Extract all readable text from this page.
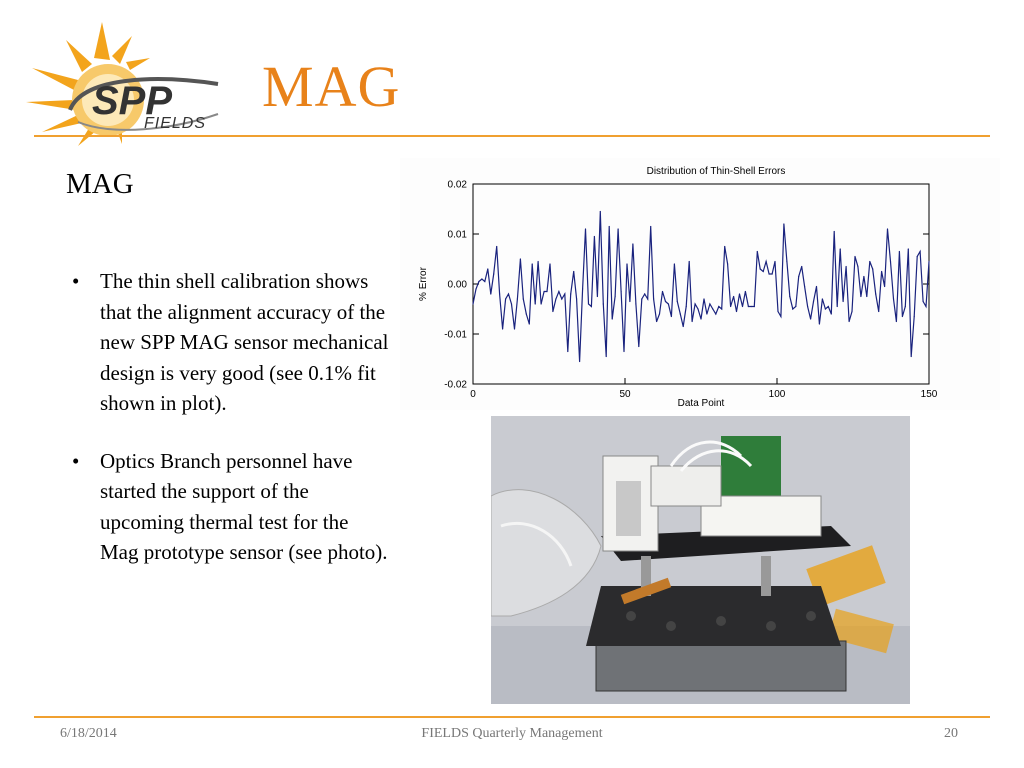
SPP
FIELDS
MAG
MAG
• The thin shell calibration shows that the alignment accuracy of the new SPP MAG sensor mechanical design is very good (see 0.1% fit shown in plot).
• Optics Branch personnel have started the support of the upcoming thermal test for the Mag prototype sensor (see photo).
Distribution of Thin-Shell Errors
0	50	100	150
-0.02
-0.01
0.00
0.01
0.02
Data Point
% Error
6/18/2014	FIELDS Quarterly Management	20
